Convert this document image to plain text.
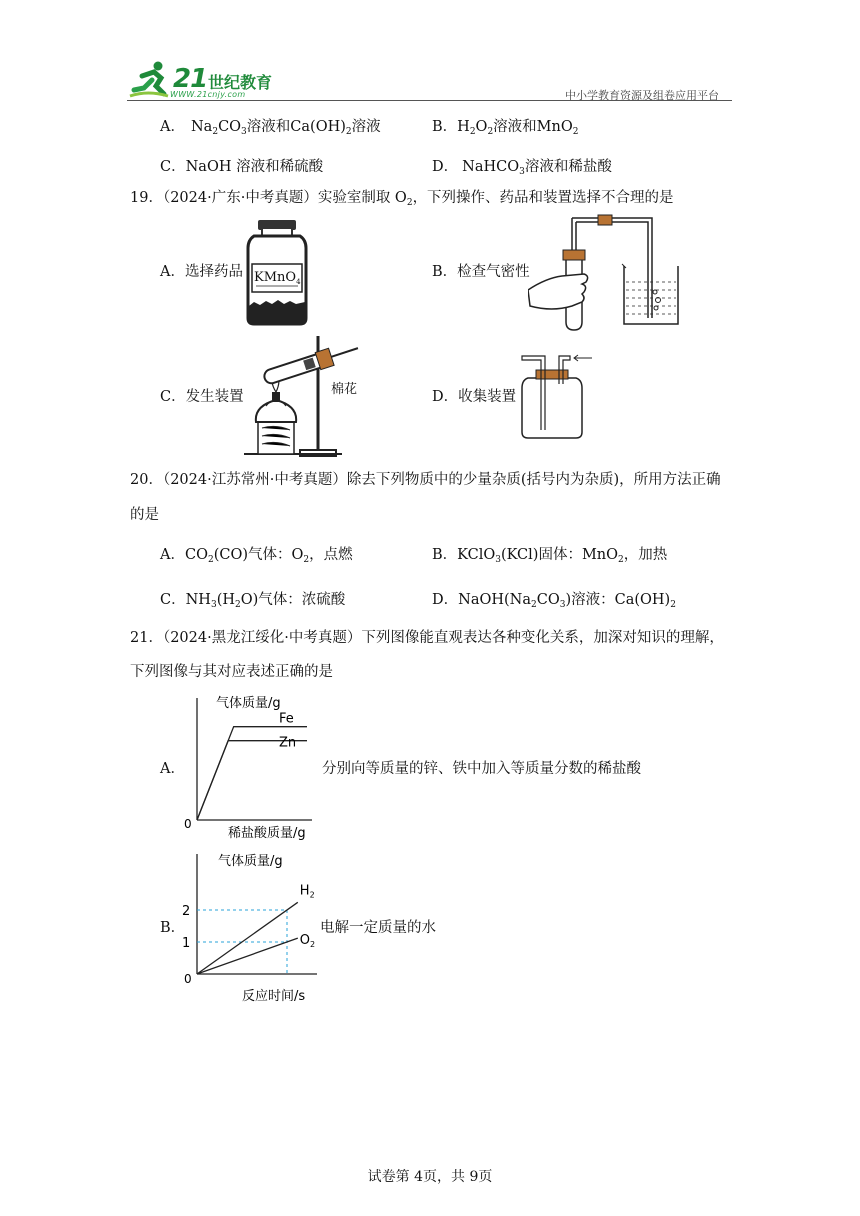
21 世纪教育
WWW.21cnjy.com	中小学教育资源及组卷应用平台
A． $Na_2CO_3$溶液和$Ca(OH)_2$溶液	B．$H_2O_2$溶液和MnO$_2$
C．NaOH 溶液和稀硫酸	D． NaHCO$_3$溶液和稀盐酸
19．（2024·广东·中考真题）实验室制取 $O_2$，下列操作、药品和装置选择不合理的是
A．选择药品 KMnO$_4$
B．检查气密性
C．发生装置	棉花	D．收集装置
20．（2024·江苏常州·中考真题）除去下列物质中的少量杂质(括号内为杂质)，所用方法正确
的是
A．$CO_2(CO)$气体：$O_2$，点燃	B．KClO$_3$(KCl)固体：MnO$_2$，加热
C．$NH_3(H_2O)$气体：浓硫酸	D．$NaOH(Na_2CO_3)$溶液：$Ca(OH)_2$
21．（2024·黑龙江绥化·中考真题）下列图像能直观表达各种变化关系，加深对知识的理解，
下列图像与其对应表述正确的是
A．	分别向等质量的锌、铁中加入等质量分数的稀盐酸
B．	电解一定质量的水
气体质量/g
稀盐酸质量/g
0
Fe
Zn
气体质量/g
反应时间/s
0
1
2
$H_2$
$O_2$
试卷第 4页，共 9页
